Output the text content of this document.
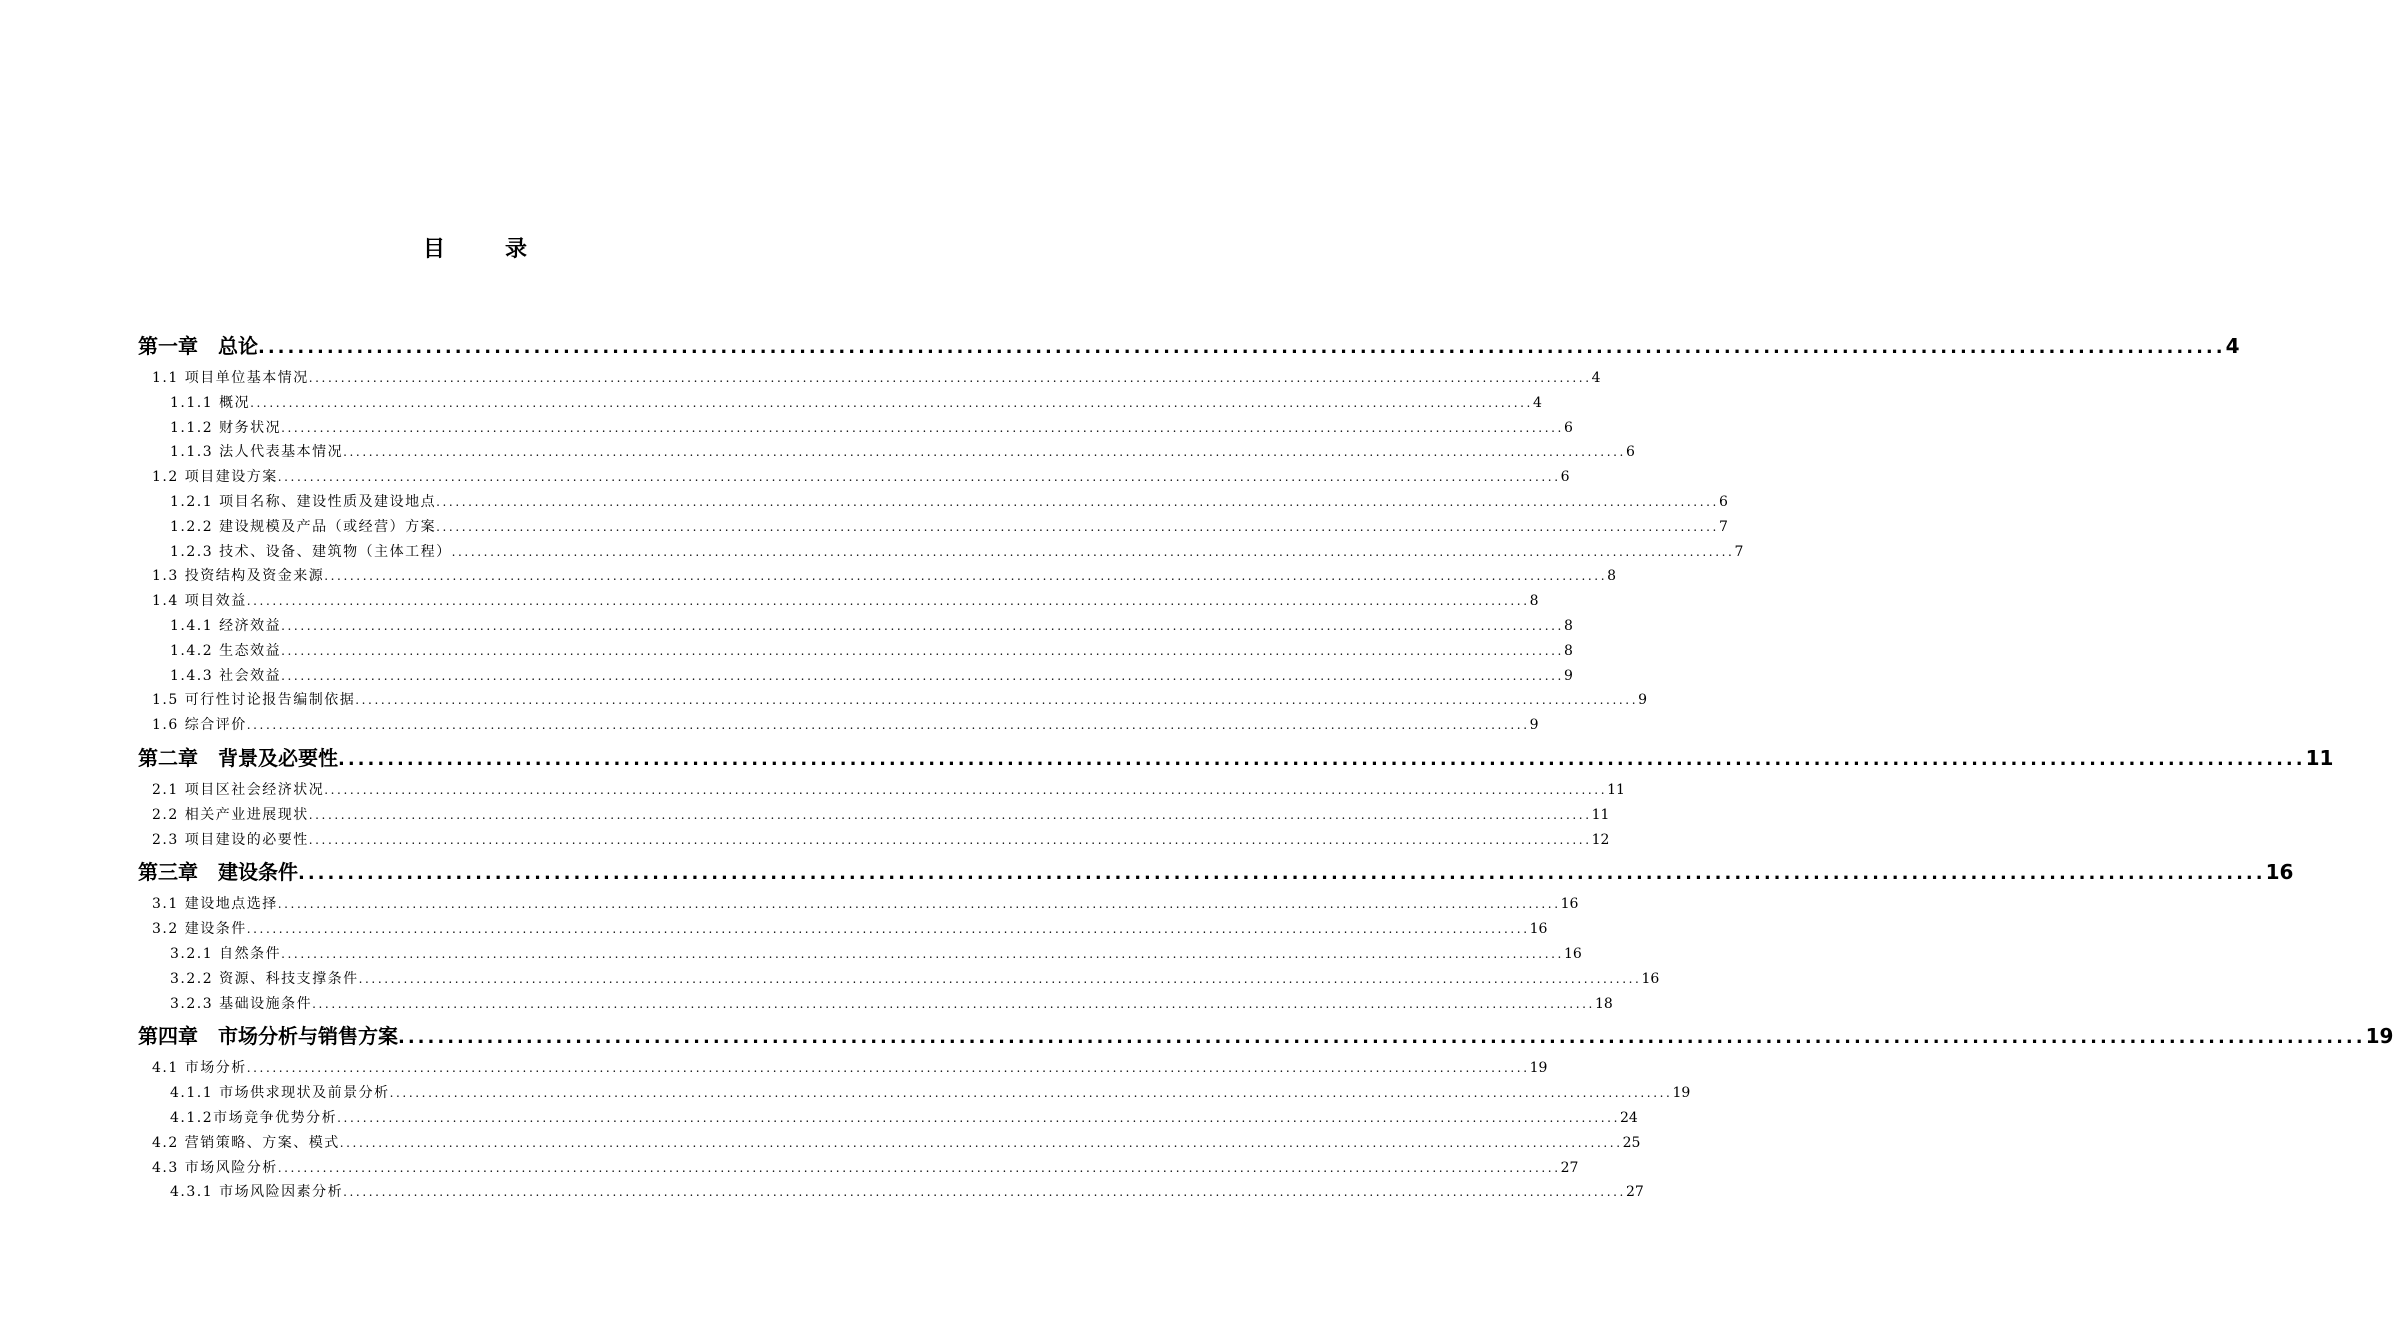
目	录
第一章　总论 ........................................................................................................................................................................................................ 4
1.1 项目单位基本情况 ........................................................................................................................................................................................................ 4
1.1.1 概况 ........................................................................................................................................................................................................ 4
1.1.2 财务状况 ........................................................................................................................................................................................................ 6
1.1.3 法人代表基本情况 ........................................................................................................................................................................................................ 6
1.2 项目建设方案 ........................................................................................................................................................................................................ 6
1.2.1 项目名称、建设性质及建设地点 ........................................................................................................................................................................................................ 6
1.2.2 建设规模及产品（或经营）方案 ........................................................................................................................................................................................................ 7
1.2.3 技术、设备、建筑物（主体工程） ........................................................................................................................................................................................................ 7
1.3 投资结构及资金来源 ........................................................................................................................................................................................................ 8
1.4 项目效益 ........................................................................................................................................................................................................ 8
1.4.1 经济效益 ........................................................................................................................................................................................................ 8
1.4.2 生态效益 ........................................................................................................................................................................................................ 8
1.4.3 社会效益 ........................................................................................................................................................................................................ 9
1.5 可行性讨论报告编制依据 ........................................................................................................................................................................................................ 9
1.6 综合评价 ........................................................................................................................................................................................................ 9
第二章　背景及必要性 ........................................................................................................................................................................................................ 11
2.1 项目区社会经济状况 ........................................................................................................................................................................................................ 11
2.2 相关产业进展现状 ........................................................................................................................................................................................................ 11
2.3 项目建设的必要性 ........................................................................................................................................................................................................ 12
第三章　建设条件 ........................................................................................................................................................................................................ 16
3.1 建设地点选择 ........................................................................................................................................................................................................ 16
3.2 建设条件 ........................................................................................................................................................................................................ 16
3.2.1 自然条件 ........................................................................................................................................................................................................ 16
3.2.2 资源、科技支撑条件 ........................................................................................................................................................................................................ 16
3.2.3 基础设施条件 ........................................................................................................................................................................................................ 18
第四章　市场分析与销售方案 ........................................................................................................................................................................................................ 19
4.1 市场分析 ........................................................................................................................................................................................................ 19
4.1.1 市场供求现状及前景分析 ........................................................................................................................................................................................................ 19
4.1.2市场竞争优势分析 ........................................................................................................................................................................................................ 24
4.2 营销策略、方案、模式 ........................................................................................................................................................................................................ 25
4.3 市场风险分析 ........................................................................................................................................................................................................ 27
4.3.1 市场风险因素分析 ........................................................................................................................................................................................................ 27
